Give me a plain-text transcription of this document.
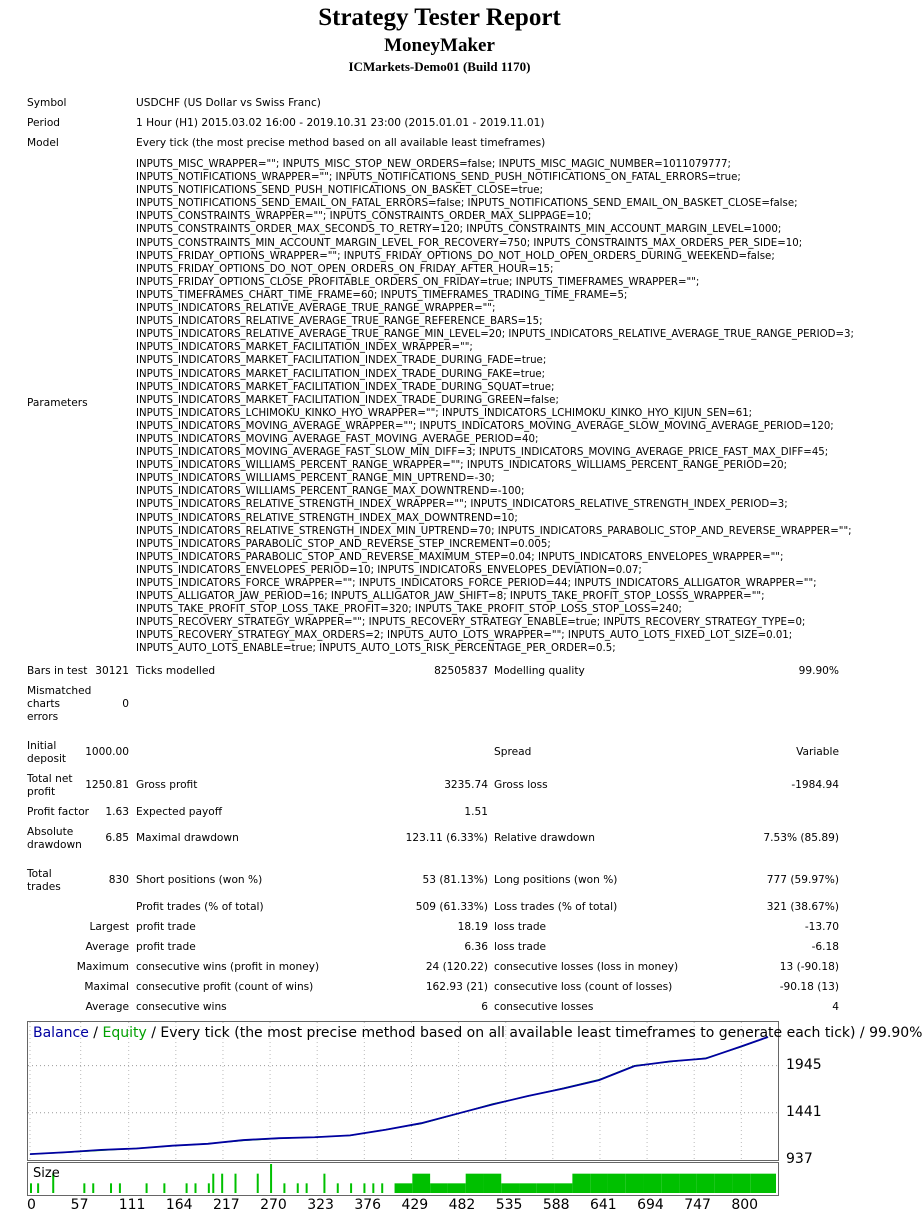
Strategy Tester Report
MoneyMaker
ICMarkets-Demo01 (Build 1170)
Symbol	USDCHF (US Dollar vs Swiss Franc)
Period	1 Hour (H1) 2015.03.02 16:00 - 2019.10.31 23:00 (2015.01.01 - 2019.11.01)
Model	Every tick (the most precise method based on all available least timeframes)
Parameters
INPUTS_MISC_WRAPPER=""; INPUTS_MISC_STOP_NEW_ORDERS=false; INPUTS_MISC_MAGIC_NUMBER=1011079777;
INPUTS_NOTIFICATIONS_WRAPPER=""; INPUTS_NOTIFICATIONS_SEND_PUSH_NOTIFICATIONS_ON_FATAL_ERRORS=true;
INPUTS_NOTIFICATIONS_SEND_PUSH_NOTIFICATIONS_ON_BASKET_CLOSE=true;
INPUTS_NOTIFICATIONS_SEND_EMAIL_ON_FATAL_ERRORS=false; INPUTS_NOTIFICATIONS_SEND_EMAIL_ON_BASKET_CLOSE=false;
INPUTS_CONSTRAINTS_WRAPPER=""; INPUTS_CONSTRAINTS_ORDER_MAX_SLIPPAGE=10;
INPUTS_CONSTRAINTS_ORDER_MAX_SECONDS_TO_RETRY=120; INPUTS_CONSTRAINTS_MIN_ACCOUNT_MARGIN_LEVEL=1000;
INPUTS_CONSTRAINTS_MIN_ACCOUNT_MARGIN_LEVEL_FOR_RECOVERY=750; INPUTS_CONSTRAINTS_MAX_ORDERS_PER_SIDE=10;
INPUTS_FRIDAY_OPTIONS_WRAPPER=""; INPUTS_FRIDAY_OPTIONS_DO_NOT_HOLD_OPEN_ORDERS_DURING_WEEKEND=false;
INPUTS_FRIDAY_OPTIONS_DO_NOT_OPEN_ORDERS_ON_FRIDAY_AFTER_HOUR=15;
INPUTS_FRIDAY_OPTIONS_CLOSE_PROFITABLE_ORDERS_ON_FRIDAY=true; INPUTS_TIMEFRAMES_WRAPPER="";
INPUTS_TIMEFRAMES_CHART_TIME_FRAME=60; INPUTS_TIMEFRAMES_TRADING_TIME_FRAME=5;
INPUTS_INDICATORS_RELATIVE_AVERAGE_TRUE_RANGE_WRAPPER="";
INPUTS_INDICATORS_RELATIVE_AVERAGE_TRUE_RANGE_REFERENCE_BARS=15;
INPUTS_INDICATORS_RELATIVE_AVERAGE_TRUE_RANGE_MIN_LEVEL=20; INPUTS_INDICATORS_RELATIVE_AVERAGE_TRUE_RANGE_PERIOD=3;
INPUTS_INDICATORS_MARKET_FACILITATION_INDEX_WRAPPER="";
INPUTS_INDICATORS_MARKET_FACILITATION_INDEX_TRADE_DURING_FADE=true;
INPUTS_INDICATORS_MARKET_FACILITATION_INDEX_TRADE_DURING_FAKE=true;
INPUTS_INDICATORS_MARKET_FACILITATION_INDEX_TRADE_DURING_SQUAT=true;
INPUTS_INDICATORS_MARKET_FACILITATION_INDEX_TRADE_DURING_GREEN=false;
INPUTS_INDICATORS_LCHIMOKU_KINKO_HYO_WRAPPER=""; INPUTS_INDICATORS_LCHIMOKU_KINKO_HYO_KIJUN_SEN=61;
INPUTS_INDICATORS_MOVING_AVERAGE_WRAPPER=""; INPUTS_INDICATORS_MOVING_AVERAGE_SLOW_MOVING_AVERAGE_PERIOD=120;
INPUTS_INDICATORS_MOVING_AVERAGE_FAST_MOVING_AVERAGE_PERIOD=40;
INPUTS_INDICATORS_MOVING_AVERAGE_FAST_SLOW_MIN_DIFF=3; INPUTS_INDICATORS_MOVING_AVERAGE_PRICE_FAST_MAX_DIFF=45;
INPUTS_INDICATORS_WILLIAMS_PERCENT_RANGE_WRAPPER=""; INPUTS_INDICATORS_WILLIAMS_PERCENT_RANGE_PERIOD=20;
INPUTS_INDICATORS_WILLIAMS_PERCENT_RANGE_MIN_UPTREND=-30;
INPUTS_INDICATORS_WILLIAMS_PERCENT_RANGE_MAX_DOWNTREND=-100;
INPUTS_INDICATORS_RELATIVE_STRENGTH_INDEX_WRAPPER=""; INPUTS_INDICATORS_RELATIVE_STRENGTH_INDEX_PERIOD=3;
INPUTS_INDICATORS_RELATIVE_STRENGTH_INDEX_MAX_DOWNTREND=10;
INPUTS_INDICATORS_RELATIVE_STRENGTH_INDEX_MIN_UPTREND=70; INPUTS_INDICATORS_PARABOLIC_STOP_AND_REVERSE_WRAPPER="";
INPUTS_INDICATORS_PARABOLIC_STOP_AND_REVERSE_STEP_INCREMENT=0.005;
INPUTS_INDICATORS_PARABOLIC_STOP_AND_REVERSE_MAXIMUM_STEP=0.04; INPUTS_INDICATORS_ENVELOPES_WRAPPER="";
INPUTS_INDICATORS_ENVELOPES_PERIOD=10; INPUTS_INDICATORS_ENVELOPES_DEVIATION=0.07;
INPUTS_INDICATORS_FORCE_WRAPPER=""; INPUTS_INDICATORS_FORCE_PERIOD=44; INPUTS_INDICATORS_ALLIGATOR_WRAPPER="";
INPUTS_ALLIGATOR_JAW_PERIOD=16; INPUTS_ALLIGATOR_JAW_SHIFT=8; INPUTS_TAKE_PROFIT_STOP_LOSSS_WRAPPER="";
INPUTS_TAKE_PROFIT_STOP_LOSS_TAKE_PROFIT=320; INPUTS_TAKE_PROFIT_STOP_LOSS_STOP_LOSS=240;
INPUTS_RECOVERY_STRATEGY_WRAPPER=""; INPUTS_RECOVERY_STRATEGY_ENABLE=true; INPUTS_RECOVERY_STRATEGY_TYPE=0;
INPUTS_RECOVERY_STRATEGY_MAX_ORDERS=2; INPUTS_AUTO_LOTS_WRAPPER=""; INPUTS_AUTO_LOTS_FIXED_LOT_SIZE=0.01;
INPUTS_AUTO_LOTS_ENABLE=true; INPUTS_AUTO_LOTS_RISK_PERCENTAGE_PER_ORDER=0.5;
Bars in test 30121 Ticks modelled	82505837 Modelling quality	99.90%
Mismatched
charts
errors
0
Initial
deposit
1000.00	Spread	Variable
Total net
profit
1250.81 Gross profit	3235.74 Gross loss	-1984.94
Profit factor	1.63 Expected payoff	1.51
Absolute
drawdown
6.85 Maximal drawdown	123.11 (6.33%) Relative drawdown	7.53% (85.89)
Total
trades
830 Short positions (won %)	53 (81.13%) Long positions (won %)	777 (59.97%)
Profit trades (% of total)	509 (61.33%) Loss trades (% of total)	321 (38.67%)
Largest profit trade	18.19 loss trade	-13.70
Average profit trade	6.36 loss trade	-6.18
Maximum consecutive wins (profit in money)	24 (120.22) consecutive losses (loss in money)	13 (-90.18)
Maximal consecutive profit (count of wins)	162.93 (21) consecutive loss (count of losses)	-90.18 (13)
Average consecutive wins	6 consecutive losses	4
Balance / Equity / Every tick (the most precise method based on all available least timeframes to generate each tick) / 99.90%
Size
937
1441
1945
0 57 111 164 217 270 323 376 429 482 535 588 641 694 747 800
